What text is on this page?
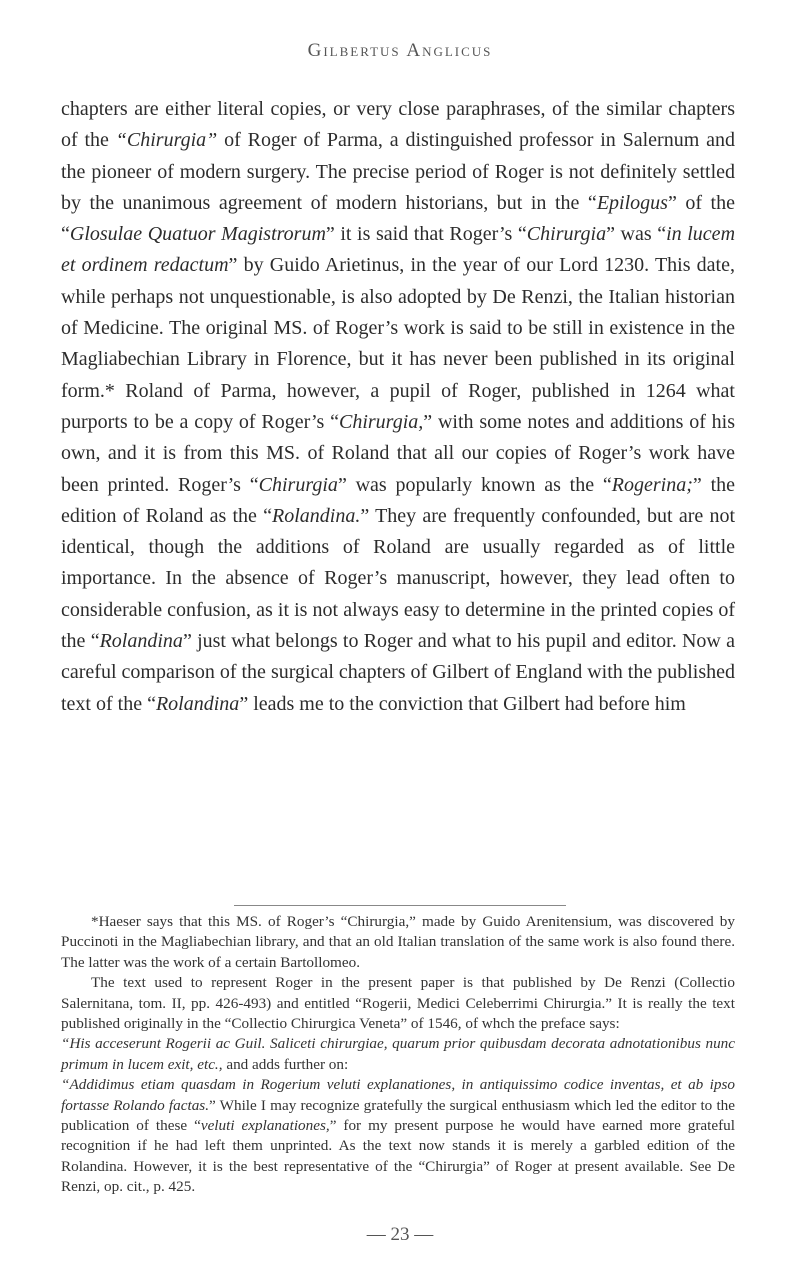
Gilbertus Anglicus

chapters are either literal copies, or very close paraphrases, of the similar chapters of the “Chirurgia” of Roger of Parma, a distinguished professor in Salernum and the pioneer of modern surgery. The precise period of Roger is not definitely settled by the unanimous agreement of modern historians, but in the “Epilogus” of the “Glosulae Quatuor Magistrorum” it is said that Roger’s “Chirurgia” was “in lucem et ordinem redactum” by Guido Arietinus, in the year of our Lord 1230. This date, while perhaps not unquestionable, is also adopted by De Renzi, the Italian historian of Medicine. The original MS. of Roger’s work is said to be still in existence in the Magliabechian Library in Florence, but it has never been published in its original form.* Roland of Parma, however, a pupil of Roger, published in 1264 what purports to be a copy of Roger’s “Chirurgia,” with some notes and additions of his own, and it is from this MS. of Roland that all our copies of Roger’s work have been printed. Roger’s “Chirurgia” was popularly known as the “Rogerina;” the edition of Roland as the “Rolandina.” They are frequently confounded, but are not identical, though the additions of Roland are usually regarded as of little importance. In the absence of Roger’s manuscript, however, they lead often to considerable confusion, as it is not always easy to determine in the printed copies of the “Rolandina” just what belongs to Roger and what to his pupil and editor. Now a careful comparison of the surgical chapters of Gilbert of England with the published text of the “Rolandina” leads me to the conviction that Gilbert had before him

*Haeser says that this MS. of Roger’s “Chirurgia,” made by Guido Arenitensium, was discovered by Puccinoti in the Magliabechian library, and that an old Italian translation of the same work is also found there. The latter was the work of a certain Bartollomeo.

The text used to represent Roger in the present paper is that published by De Renzi (Collectio Salernitana, tom. II, pp. 426-493) and entitled “Rogerii, Medici Celeberrimi Chirurgia.” It is really the text published originally in the “Collectio Chirurgica Veneta” of 1546, of whch the preface says:

“His acceserunt Rogerii ac Guil. Saliceti chirurgiae, quarum prior quibusdam decorata adnotationibus nunc primum in lucem exit, etc., and adds further on:

“Addidimus etiam quasdam in Rogerium veluti explanationes, in antiquissimo codice inventas, et ab ipso fortasse Rolando factas.” While I may recognize gratefully the surgical enthusiasm which led the editor to the publication of these “veluti explanationes,” for my present purpose he would have earned more grateful recognition if he had left them unprinted. As the text now stands it is merely a garbled edition of the Rolandina. However, it is the best representative of the “Chirurgia” of Roger at present available. See De Renzi, op. cit., p. 425.

— 23 —
